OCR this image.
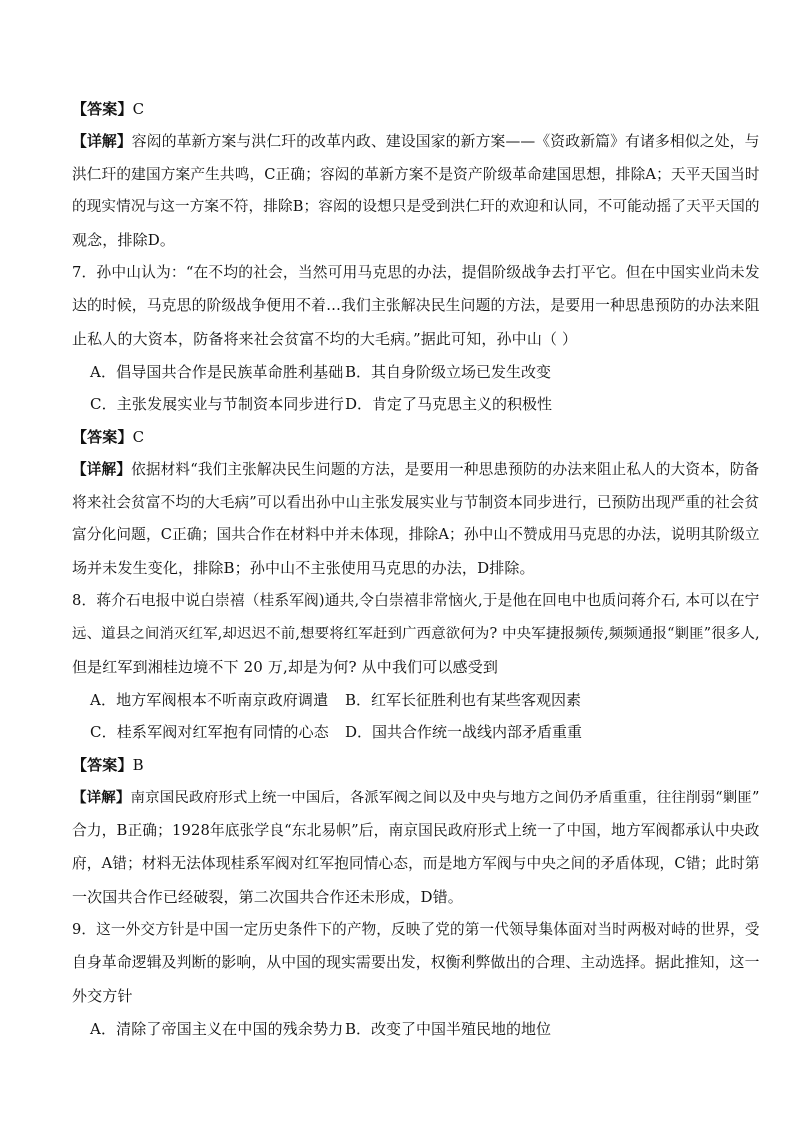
【答案】C
【详解】容闳的革新方案与洪仁玕的改革内政、建设国家的新方案——《资政新篇》有诸多相似之处，与
洪仁玕的建国方案产生共鸣，C正确；容闳的革新方案不是资产阶级革命建国思想，排除A；天平天国当时
的现实情况与这一方案不符，排除B；容闳的设想只是受到洪仁玕的欢迎和认同，不可能动摇了天平天国的
观念，排除D。
7．孙中山认为：“在不均的社会，当然可用马克思的办法，提倡阶级战争去打平它。但在中国实业尚未发
达的时候，马克思的阶级战争便用不着…我们主张解决民生问题的方法，是要用一种思患预防的办法来阻
止私人的大资本，防备将来社会贫富不均的大毛病。”据此可知，孙中山（ ）
A．倡导国共合作是民族革命胜利基础 B．其自身阶级立场已发生改变
C．主张发展实业与节制资本同步进行 D．肯定了马克思主义的积极性
【答案】C
【详解】依据材料“我们主张解决民生问题的方法，是要用一种思患预防的办法来阻止私人的大资本，防备
将来社会贫富不均的大毛病”可以看出孙中山主张发展实业与节制资本同步进行，已预防出现严重的社会贫
富分化问题，C正确；国共合作在材料中并未体现，排除A；孙中山不赞成用马克思的办法，说明其阶级立
场并未发生变化，排除B；孙中山不主张使用马克思的办法，D排除。
8．蒋介石电报中说白崇禧（桂系军阀)通共,令白崇禧非常恼火,于是他在回电中也质问蒋介石, 本可以在宁
远、道县之间消灭红军,却迟迟不前,想要将红军赶到广西意欲何为? 中央军捷报频传,频频通报“剿匪”很多人,
但是红军到湘桂边境不下 20 万,却是为何? 从中我们可以感受到
A．地方军阀根本不听南京政府调遣 B．红军长征胜利也有某些客观因素
C．桂系军阀对红军抱有同情的心态 D．国共合作统一战线内部矛盾重重
【答案】B
【详解】南京国民政府形式上统一中国后，各派军阀之间以及中央与地方之间仍矛盾重重，往往削弱“剿匪”
合力，B正确；1928年底张学良“东北易帜”后，南京国民政府形式上统一了中国，地方军阀都承认中央政
府，A错；材料无法体现桂系军阀对红军抱同情心态，而是地方军阀与中央之间的矛盾体现，C错；此时第
一次国共合作已经破裂，第二次国共合作还未形成，D错。
9．这一外交方针是中国一定历史条件下的产物，反映了党的第一代领导集体面对当时两极对峙的世界，受
自身革命逻辑及判断的影响，从中国的现实需要出发，权衡利弊做出的合理、主动选择。据此推知，这一
外交方针
A．清除了帝国主义在中国的残余势力 B．改变了中国半殖民地的地位
